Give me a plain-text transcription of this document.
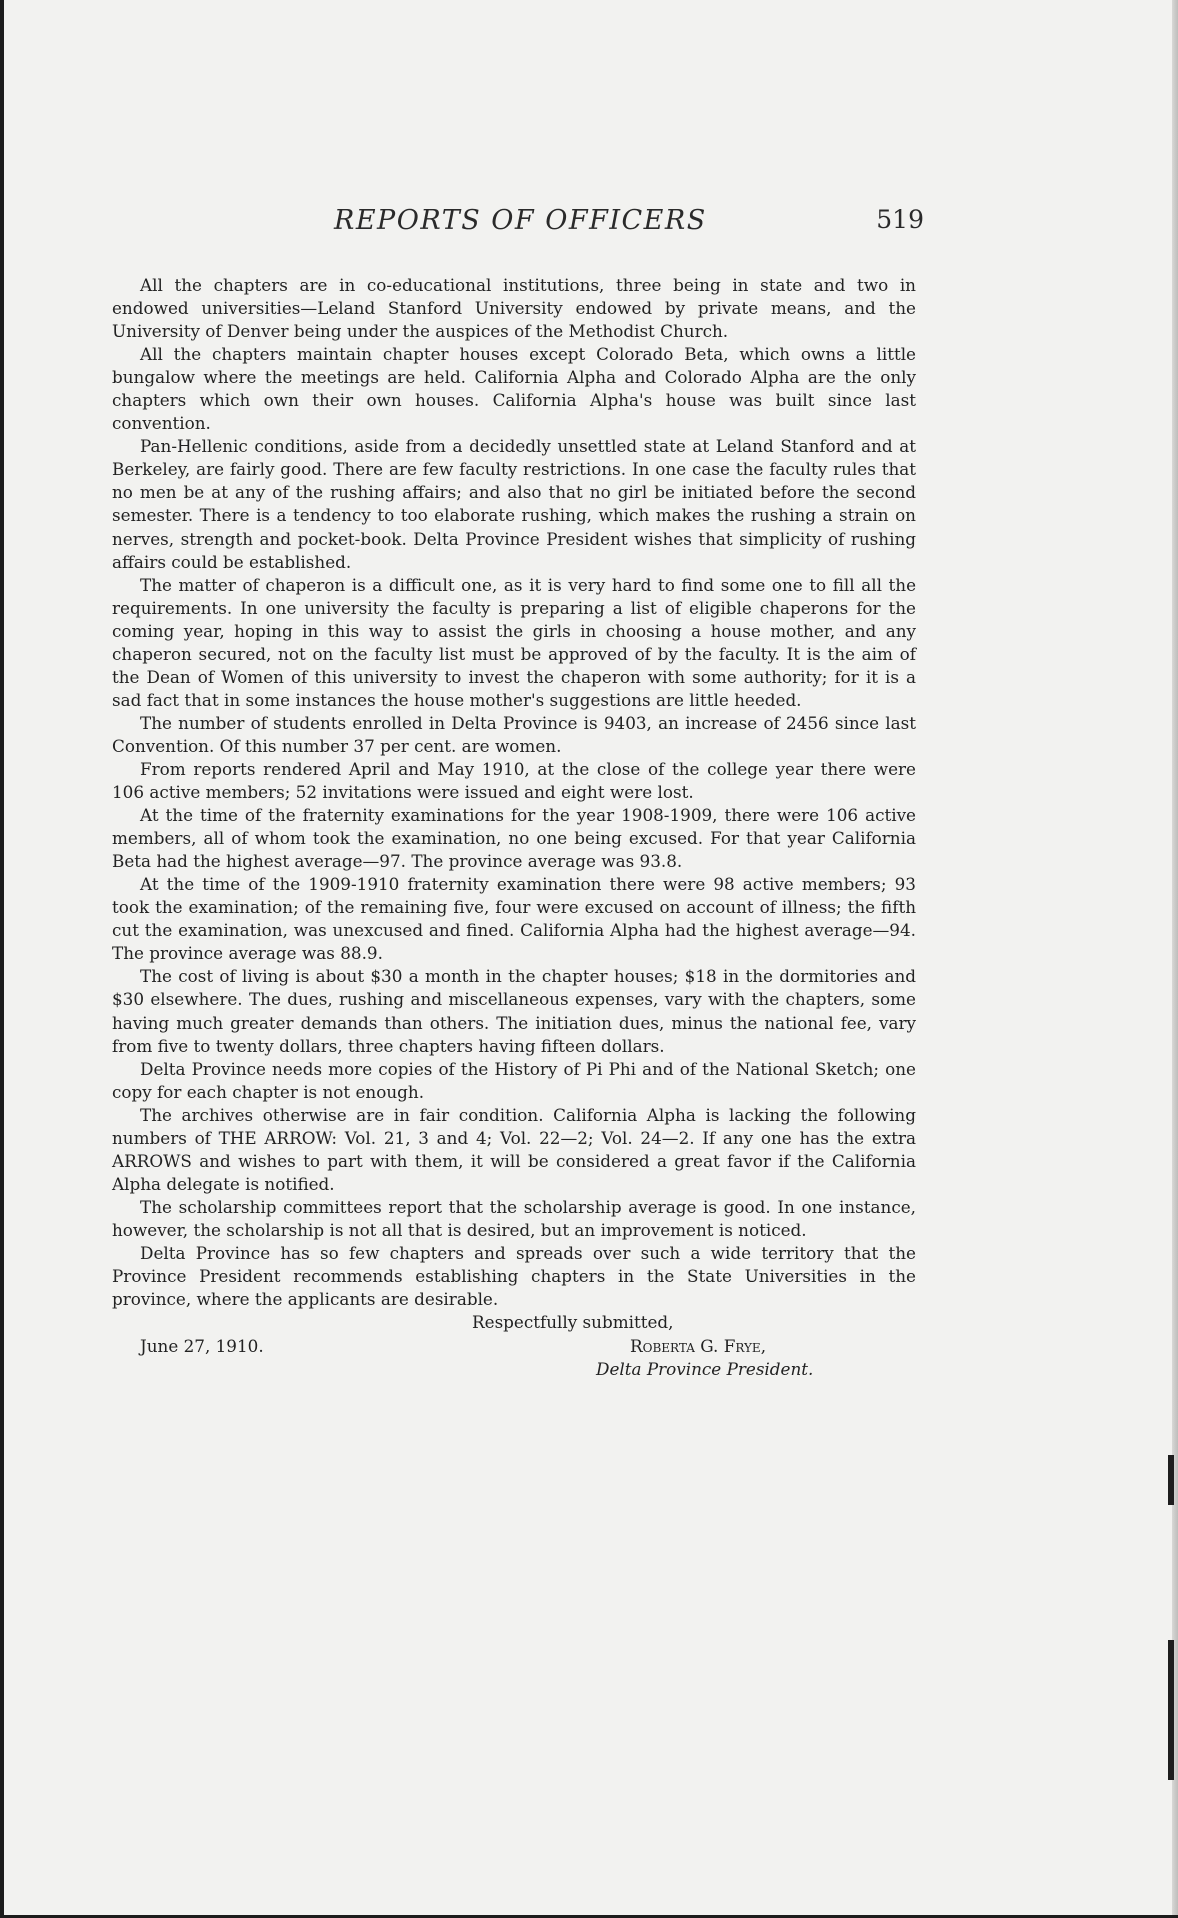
REPORTS OF OFFICERS	519

All the chapters are in co-educational institutions, three being in state and two in endowed universities—Leland Stanford University endowed by private means, and the University of Denver being under the auspices of the Methodist Church.

All the chapters maintain chapter houses except Colorado Beta, which owns a little bungalow where the meetings are held. California Alpha and Colorado Alpha are the only chapters which own their own houses. California Alpha's house was built since last convention.

Pan-Hellenic conditions, aside from a decidedly unsettled state at Leland Stanford and at Berkeley, are fairly good. There are few faculty restrictions. In one case the faculty rules that no men be at any of the rushing affairs; and also that no girl be initiated before the second semester. There is a tendency to too elaborate rushing, which makes the rushing a strain on nerves, strength and pocket-book. Delta Province President wishes that simplicity of rushing affairs could be established.

The matter of chaperon is a difficult one, as it is very hard to find some one to fill all the requirements. In one university the faculty is preparing a list of eligible chaperons for the coming year, hoping in this way to assist the girls in choosing a house mother, and any chaperon secured, not on the faculty list must be approved of by the faculty. It is the aim of the Dean of Women of this university to invest the chaperon with some authority; for it is a sad fact that in some instances the house mother's suggestions are little heeded.

The number of students enrolled in Delta Province is 9403, an increase of 2456 since last Convention. Of this number 37 per cent. are women.

From reports rendered April and May 1910, at the close of the college year there were 106 active members; 52 invitations were issued and eight were lost.

At the time of the fraternity examinations for the year 1908-1909, there were 106 active members, all of whom took the examination, no one being excused. For that year California Beta had the highest average—97. The province average was 93.8.

At the time of the 1909-1910 fraternity examination there were 98 active members; 93 took the examination; of the remaining five, four were excused on account of illness; the fifth cut the examination, was unexcused and fined. California Alpha had the highest average—94. The province average was 88.9.

The cost of living is about $30 a month in the chapter houses; $18 in the dormitories and $30 elsewhere. The dues, rushing and miscellaneous expenses, vary with the chapters, some having much greater demands than others. The initiation dues, minus the national fee, vary from five to twenty dollars, three chapters having fifteen dollars.

Delta Province needs more copies of the History of Pi Phi and of the National Sketch; one copy for each chapter is not enough.

The archives otherwise are in fair condition. California Alpha is lacking the following numbers of THE ARROW: Vol. 21, 3 and 4; Vol. 22—2; Vol. 24—2. If any one has the extra ARROWS and wishes to part with them, it will be considered a great favor if the California Alpha delegate is notified.

The scholarship committees report that the scholarship average is good. In one instance, however, the scholarship is not all that is desired, but an improvement is noticed.

Delta Province has so few chapters and spreads over such a wide territory that the Province President recommends establishing chapters in the State Universities in the province, where the applicants are desirable.

Respectfully submitted,
June 27, 1910.	Roberta G. Frye,
Delta Province President.
